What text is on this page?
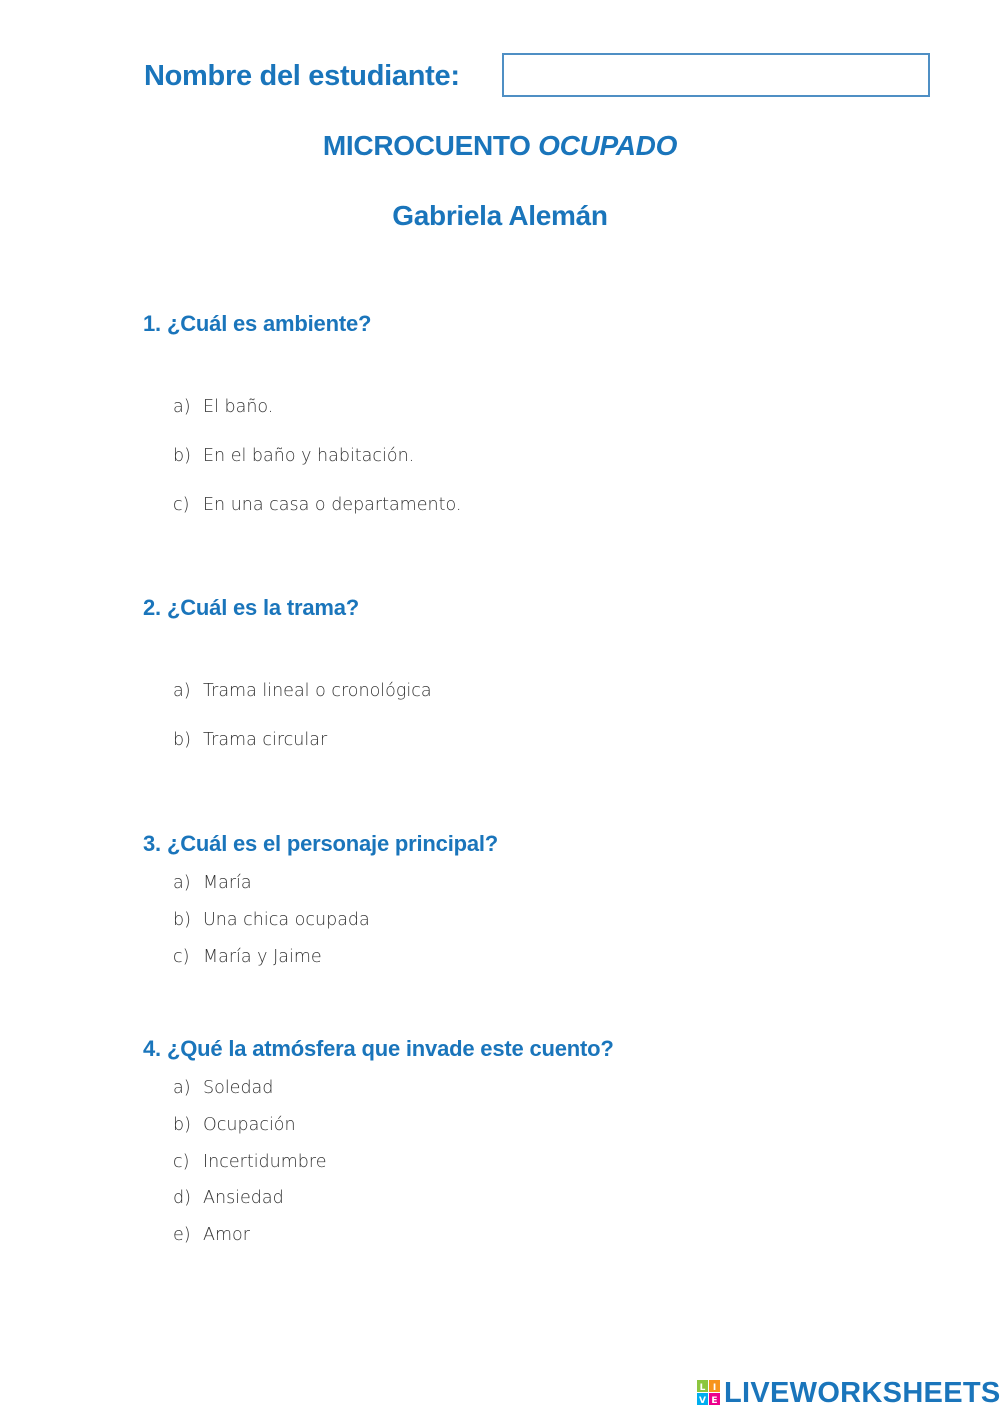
Nombre del estudiante:
MICROCUENTO OCUPADO
Gabriela Alemán
1. ¿Cuál es ambiente?
a) El baño.
b) En el baño y habitación.
c) En una casa o departamento.
2. ¿Cuál es la trama?
a) Trama lineal o cronológica
b) Trama circular
3. ¿Cuál es el personaje principal?
a) María
b) Una chica ocupada
c) María y Jaime
4. ¿Qué la atmósfera que invade este cuento?
a) Soledad
b) Ocupación
c) Incertidumbre
d) Ansiedad
e) Amor
L I
V E LIVEWORKSHEETS
